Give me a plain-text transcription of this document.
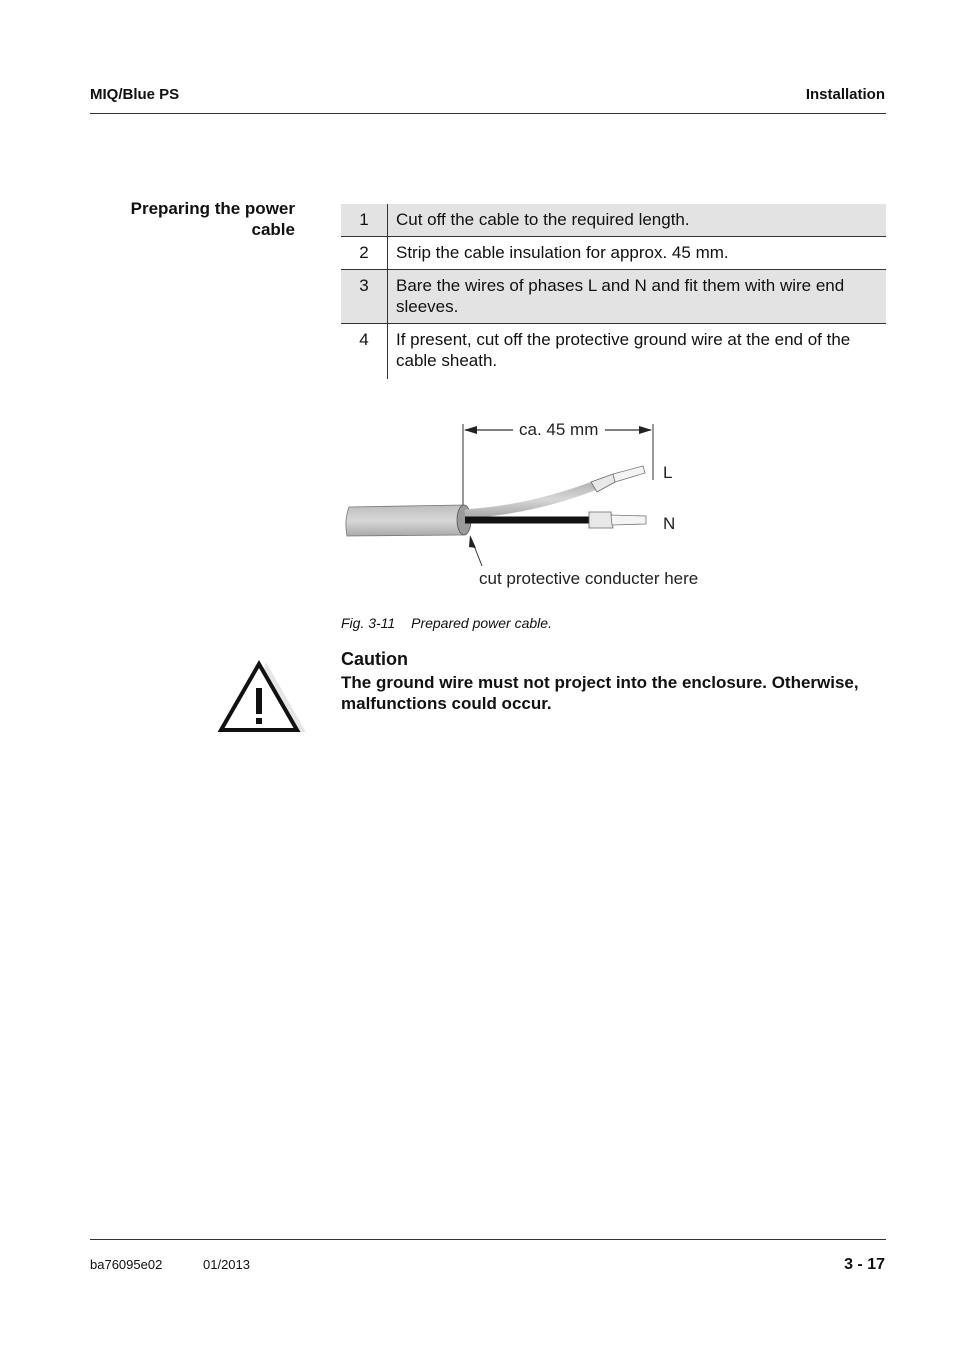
MIQ/Blue PS	Installation
Preparing the power
cable
1	Cut off the cable to the required length.
2	Strip the cable insulation for approx. 45 mm.
3	Bare the wires of phases L and N and fit them with wire end sleeves.
4	If present, cut off the protective ground wire at the end of the cable sheath.
ca. 45 mm
L
N
cut protective conducter here
Fig. 3-11 Prepared power cable.
Caution
The ground wire must not project into the enclosure. Otherwise, malfunctions could occur.
ba76095e02	01/2013	3 - 17
